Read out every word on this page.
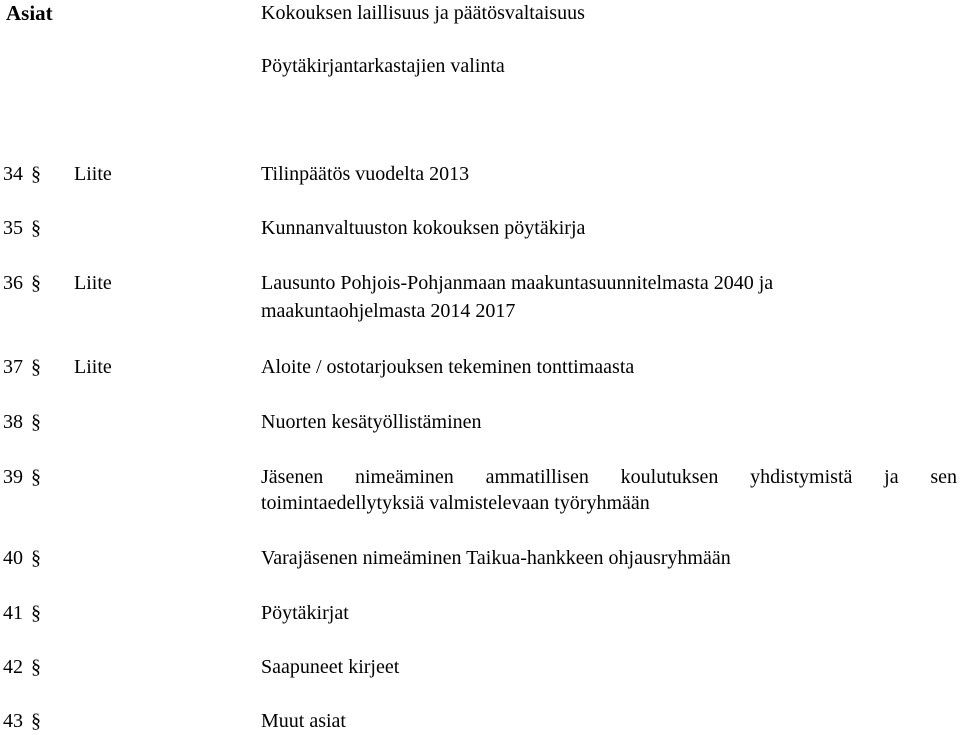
Asiat	Kokouksen laillisuus ja päätösvaltaisuus
Pöytäkirjantarkastajien valinta
34 § Liite	Tilinpäätös vuodelta 2013
35 §	Kunnanvaltuuston kokouksen pöytäkirja
36 § Liite	Lausunto Pohjois-Pohjanmaan maakuntasuunnitelmasta 2040 ja
maakuntaohjelmasta 2014 2017
37 § Liite	Aloite / ostotarjouksen tekeminen tonttimaasta
38 §	Nuorten kesätyöllistäminen
39 §	Jäsenen nimeäminen ammatillisen koulutuksen yhdistymistä ja sen
toimintaedellytyksiä valmistelevaan työryhmään
40 §	Varajäsenen nimeäminen Taikua-hankkeen ohjausryhmään
41 §	Pöytäkirjat
42 §	Saapuneet kirjeet
43 §	Muut asiat
